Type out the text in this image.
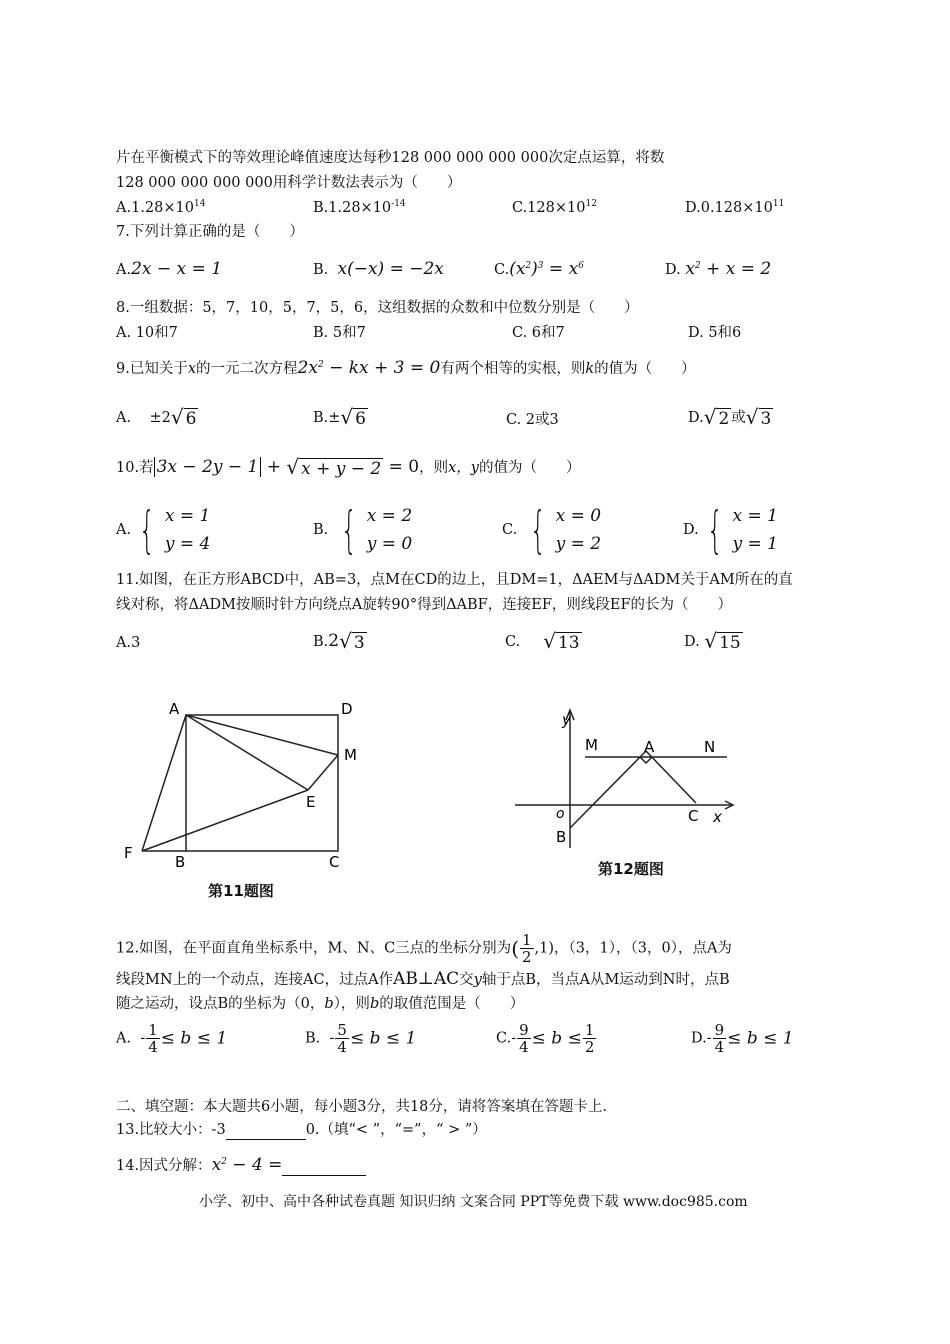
片在平衡模式下的等效理论峰值速度达每秒128 000 000 000 000次定点运算，将数
128 000 000 000 000用科学计数法表示为（　　）
$A.1.28\times 10^{14}$	$B.1.28\times 10^{-14}$	$C.128\times 10^{12}$	$D.0.128\times 10^{11}$
7.下列计算正确的是（　　）
A.2x − x = 1	B. x(−x) = −2x	$C.(x^2)^3 = x^6$	D. $x^2 + x = 2$
8.一组数据：5，7，10，5，7，5，6，这组数据的众数和中位数分别是（　　）
A. 10和7	B. 5和7	C. 6和7	D. 5和6
9.已知关于x的一元二次方程$2x^2$ − kx + 3 = 0有两个相等的实根，则k的值为（　　）
A. ±2 √ 6	B.± √ 6	C. 2或3	D. √ 2 或 √ 3
10.若 3x − 2y − 1 + √ x + y − 2 = 0，则x，y的值为（　　）
A. { x = 1
y = 4
B. { x = 2
y = 0
C. { x = 0
y = 2
D. { x = 1
y = 1
11.如图，在正方形ABCD中，AB=3，点M在CD的边上，且DM=1，ΔAEM与ΔADM关于AM所在的直
线对称，将ΔADM按顺时针方向绕点A旋转90°得到ΔABF，连接EF，则线段EF的长为（　　）
A.3	B.2 √ 3	C. √ 13	D. √ 15
A	D
M
E
F	B	C
第11题图
y
M	A	N
o
B
C x
第12题图
12.如图，在平面直角坐标系中，M、N、C三点的坐标分别为( $\frac{1}{2} ,1$)，（3，1），（3，0），点A为
线段MN上的一个动点，连接AC，过点A作AB⊥AC交y轴于点B，当点A从M运动到N时，点B
随之运动，设点B的坐标为（0，b），则b的取值范围是（　　）
A. - $\frac{1}{4} \le b \le 1$	B. - $\frac{5}{4} \le b \le 1$	$C.- \frac{9}{4} \le b \le \frac{1}{2}$	$D.- \frac{9}{4} \le b \le 1$
二、填空题：本大题共6小题，每小题3分，共18分，请将答案填在答题卡上.
13.比较大小：-3	0.（填“< ”，“=”，“ > ”）
14.因式分解：$x^2 - 4$ =
小学、初中、高中各种试卷真题 知识归纳 文案合同 PPT等免费下载 www.doc985.com
